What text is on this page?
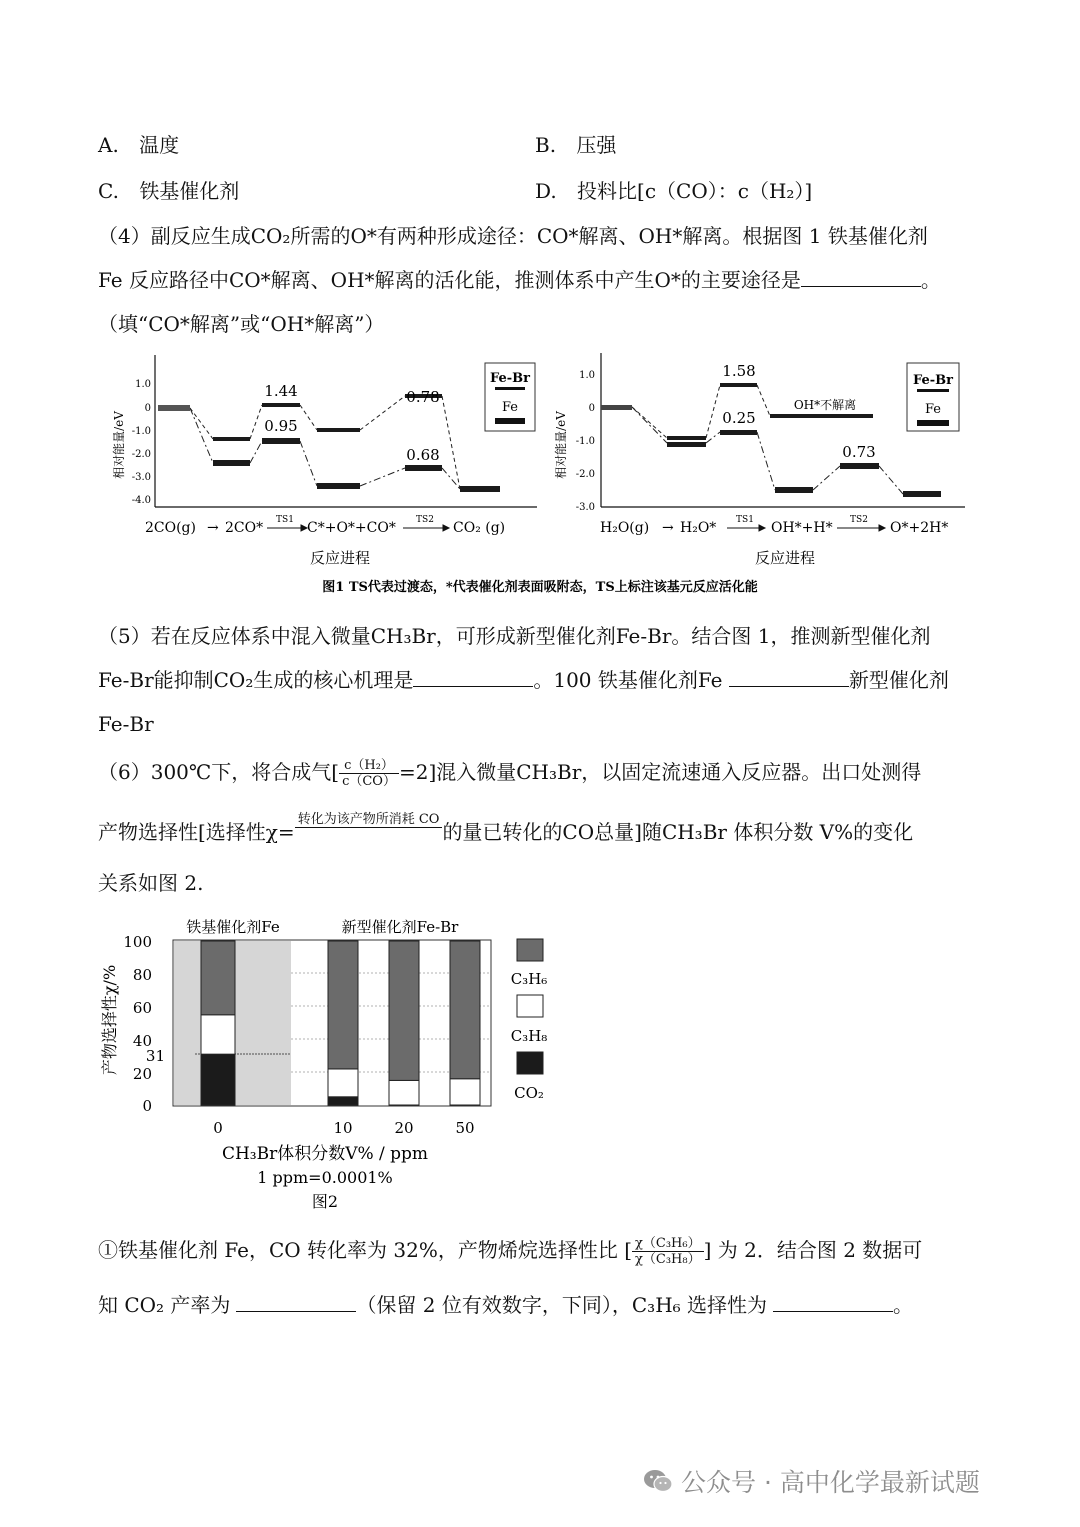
A. 温度	B. 压强
C. 铁基催化剂	D. 投料比[c（CO）：c（H₂）]
（4）副反应生成CO₂所需的O*有两种形成途径：CO*解离、OH*解离。根据图 1 铁基催化剂
Fe 反应路径中CO*解离、OH*解离的活化能，推测体系中产生O*的主要途径是	。
（填“CO*解离”或“OH*解离”）
相对能量/eV
1.0
0
-1.0
-2.0
-3.0
-4.0
1.44
0.95
0.78
0.68
Fe-Br
Fe
2CO(g) → 2CO*	C*+O*+CO*	CO₂ (g)
TS1	TS2
反应进程
相对能量/eV
1.0
0
-1.0
-2.0
-3.0
1.58
0.25
0.73
OH*不解离
Fe-Br
Fe
H₂O(g) → H₂O*	OH*+H*	O*+2H*
TS1	TS2
反应进程
图1 TS代表过渡态，*代表催化剂表面吸附态，TS上标注该基元反应活化能
（5）若在反应体系中混入微量CH₃Br，可形成新型催化剂Fe-Br。结合图 1，推测新型催化剂
Fe-Br能抑制CO₂生成的核心机理是	。100 铁基催化剂Fe	新型催化剂
Fe-Br
（6）300℃下，将合成气[ $\frac{\text{c（H₂）}}{c(CO)} =2$]混入微量CH₃Br，以固定流速通入反应器。出口处测得
产物选择性[选择性χ=
转化为该产物所消耗 CO
的量已转化的CO总量]随CH₃Br 体积分数 V%的变化
关系如图 2.
铁基催化剂Fe	新型催化剂Fe-Br
产物选择性χ/%
100
80
60
40
20
0
31
0	10	20	50
CH₃Br体积分数V% / ppm
1 ppm=0.0001%
图2
C₃H₆
C₃H₈
CO₂
①铁基催化剂 Fe，CO 转化率为 32%，产物烯烷选择性比 [ $\frac{\text{χ（C₃H₆）}}{\text{χ（C₃H₈）}}$ ] 为 2．结合图 2 数据可
知 CO₂ 产率为	（保留 2 位有效数字，下同），C₃H₆ 选择性为	。
公众号 · 高中化学最新试题
